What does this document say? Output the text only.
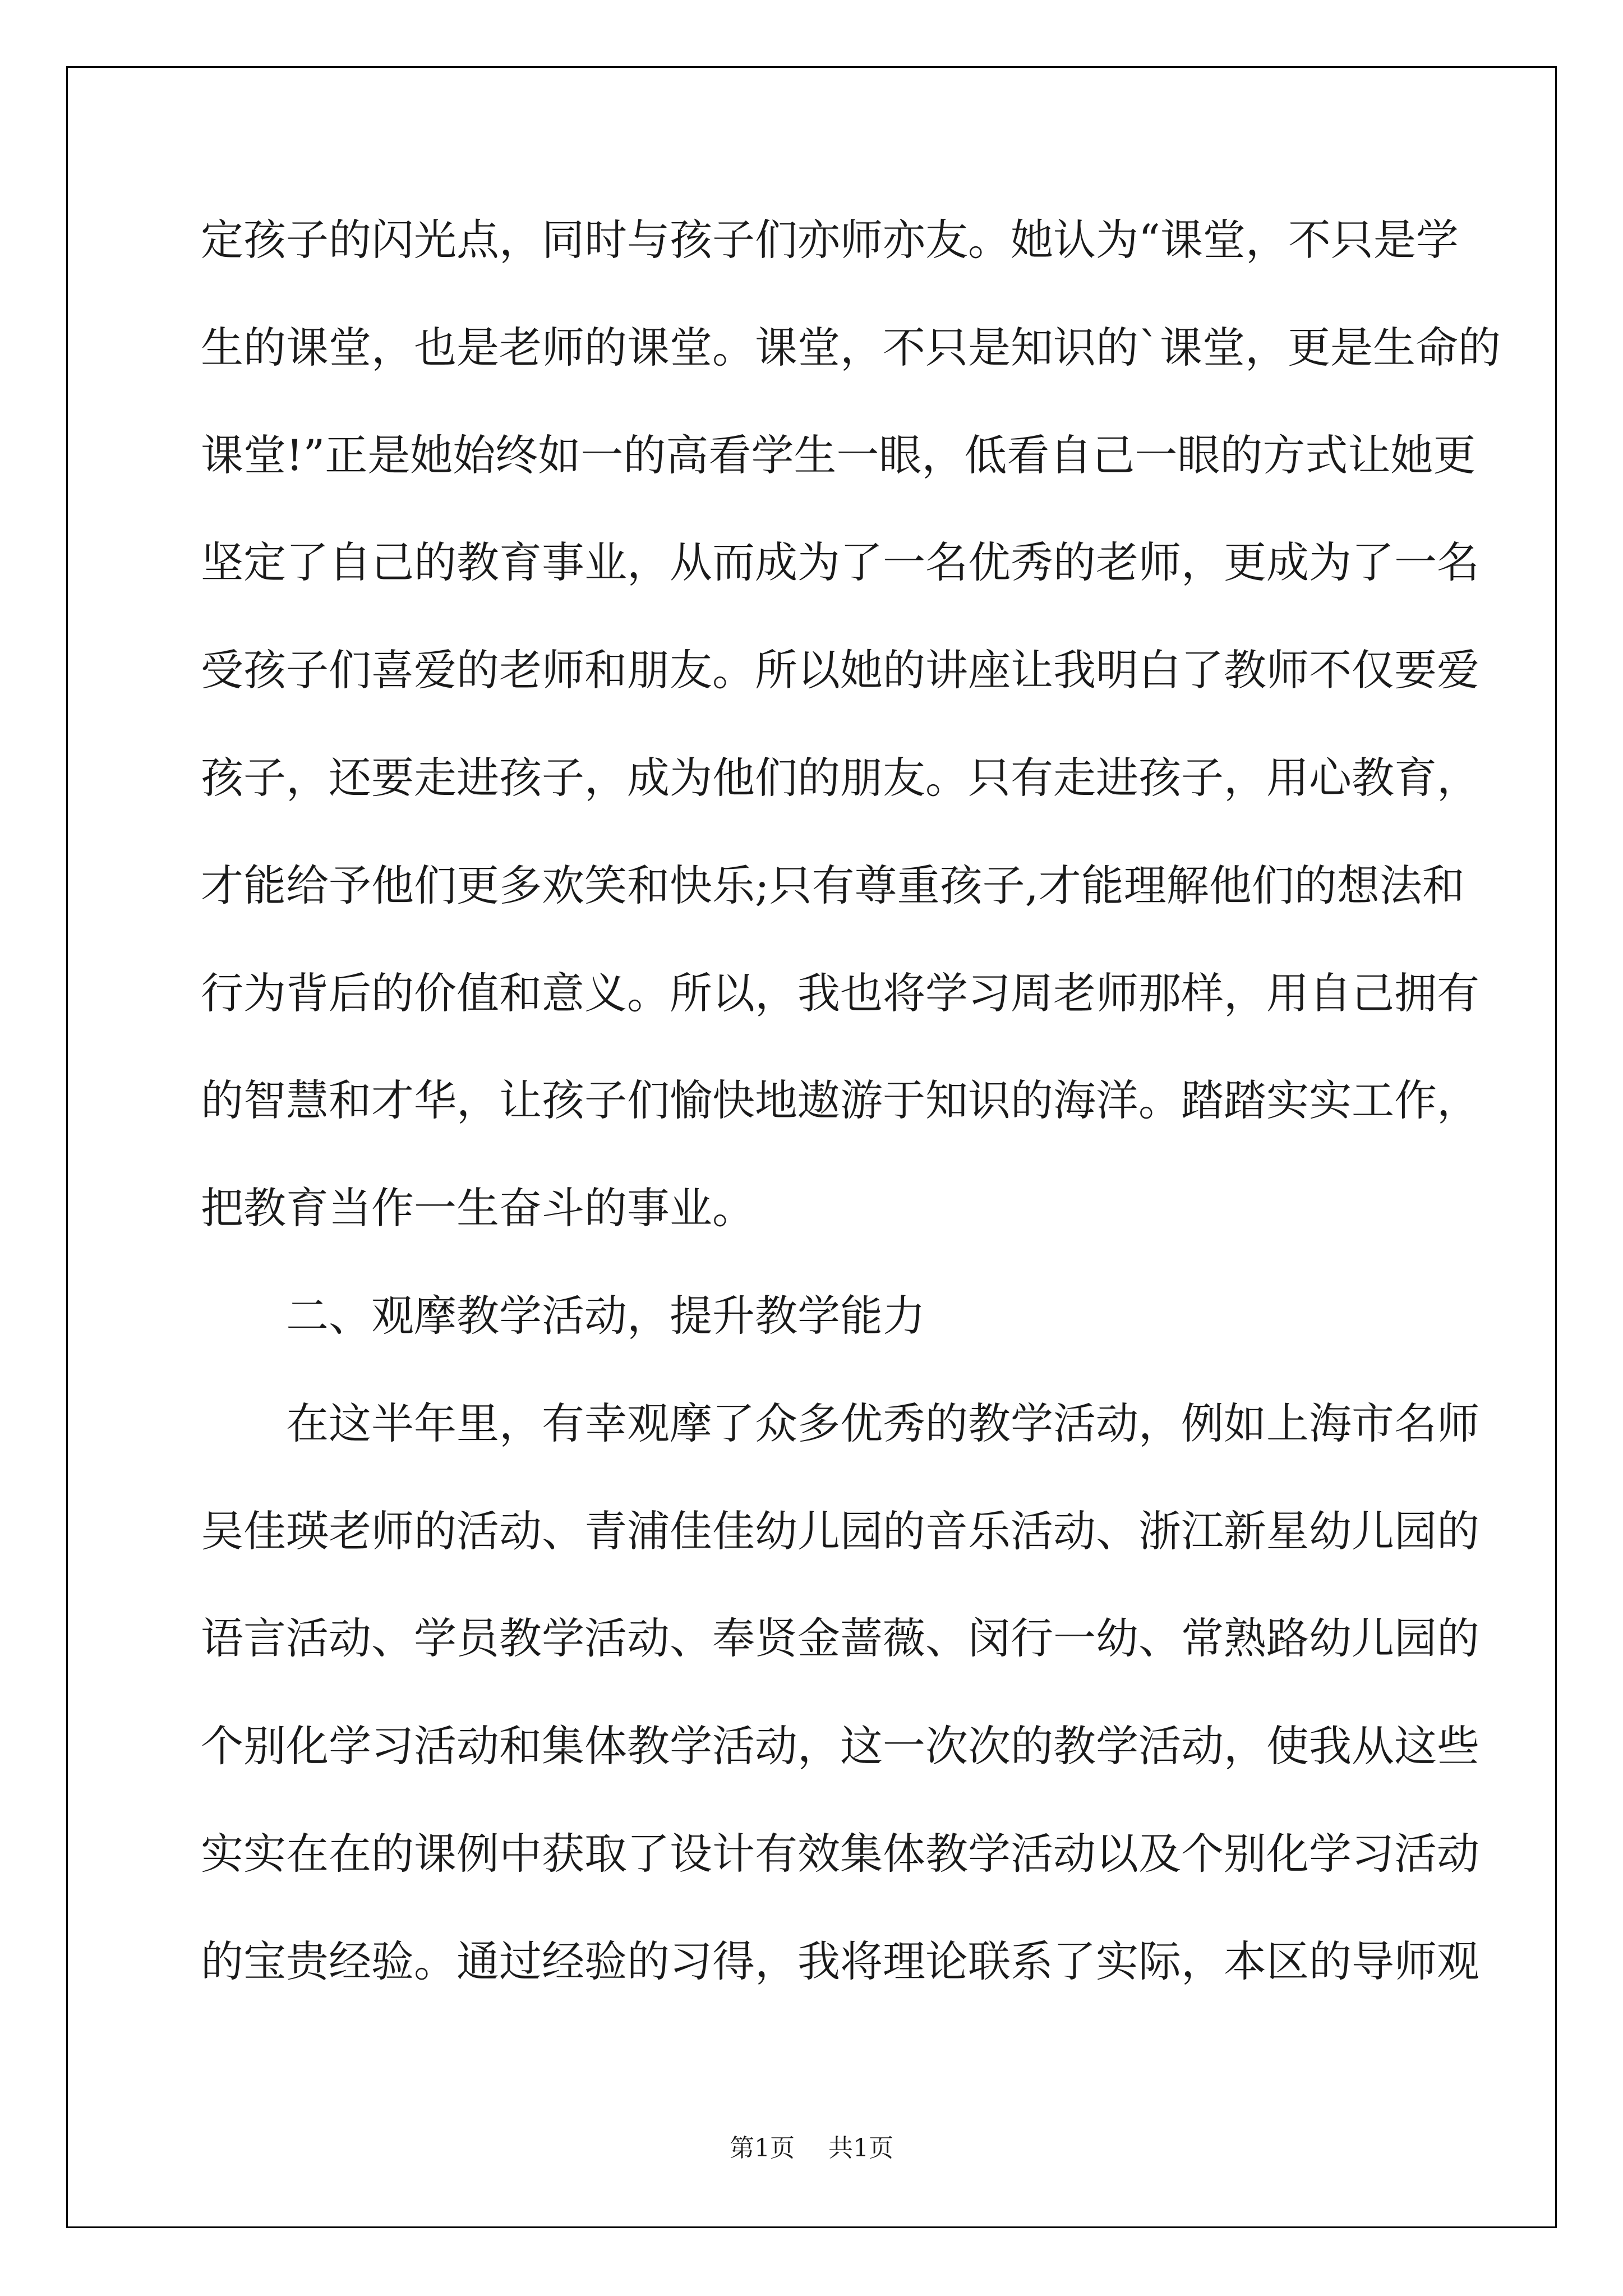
定孩子的闪光点，同时与孩子们亦师亦友。她认为“课堂，不只是学
生的课堂，也是老师的课堂。课堂，不只是知识的`课堂，更是生命的
课堂!”正是她始终如一的高看学生一眼，低看自己一眼的方式让她更
坚定了自己的教育事业，从而成为了一名优秀的老师，更成为了一名
受孩子们喜爱的老师和朋友。所以她的讲座让我明白了教师不仅要爱
孩子，还要走进孩子，成为他们的朋友。只有走进孩子，用心教育，
才能给予他们更多欢笑和快乐;只有尊重孩子,才能理解他们的想法和
行为背后的价值和意义。所以，我也将学习周老师那样，用自己拥有
的智慧和才华，让孩子们愉快地遨游于知识的海洋。踏踏实实工作，
把教育当作一生奋斗的事业。
二、观摩教学活动，提升教学能力
在这半年里，有幸观摩了众多优秀的教学活动，例如上海市名师
吴佳瑛老师的活动、青浦佳佳幼儿园的音乐活动、浙江新星幼儿园的
语言活动、学员教学活动、奉贤金蔷薇、闵行一幼、常熟路幼儿园的
个别化学习活动和集体教学活动，这一次次的教学活动，使我从这些
实实在在的课例中获取了设计有效集体教学活动以及个别化学习活动
的宝贵经验。通过经验的习得，我将理论联系了实际，本区的导师观
第1页 共1页
